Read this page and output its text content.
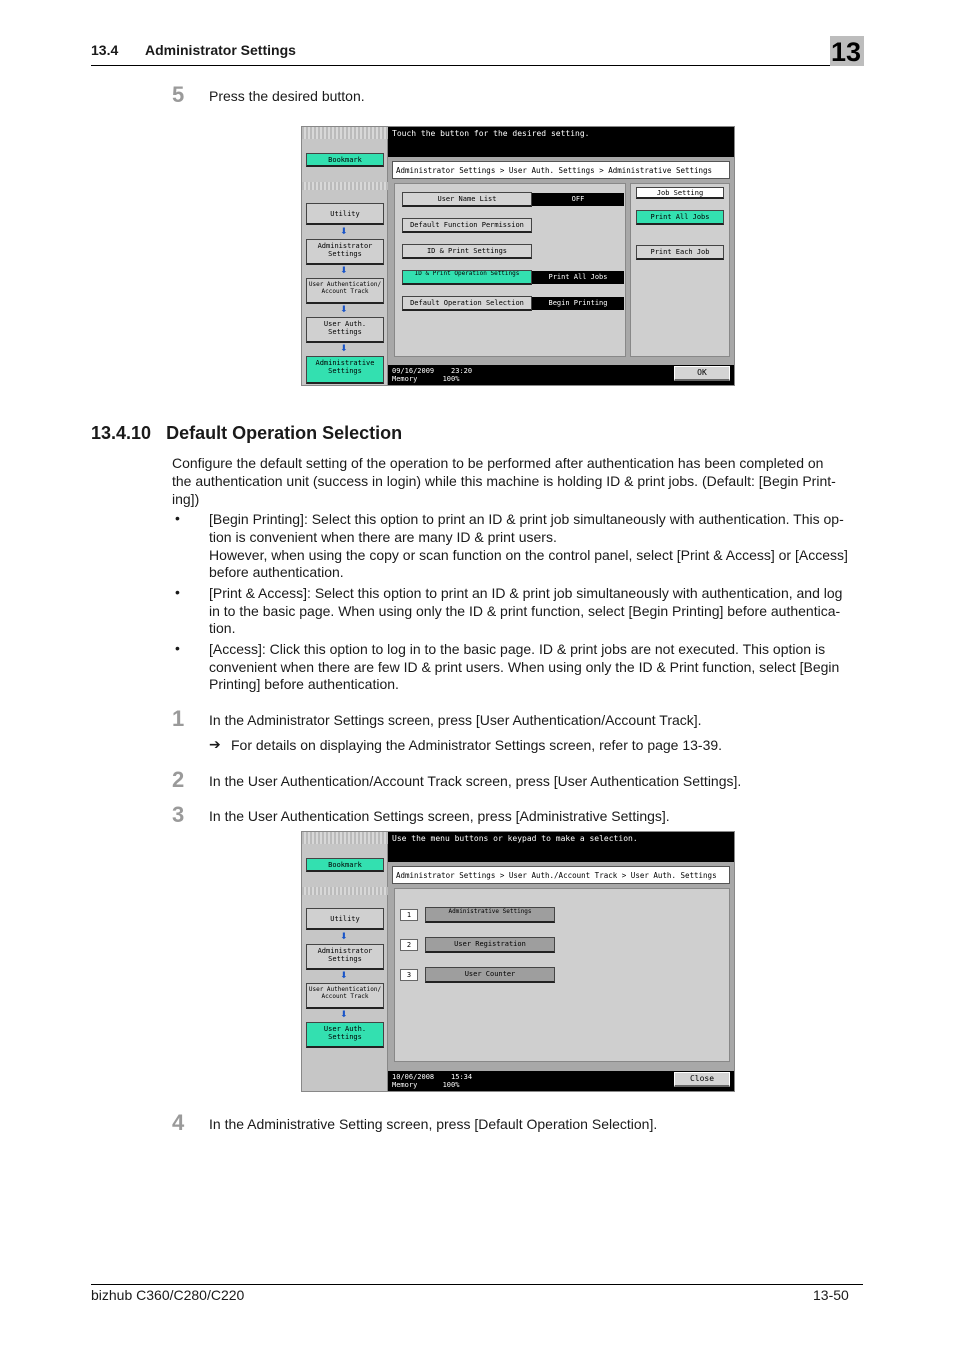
13.4 Administrator Settings	13
5 Press the desired button.
Bookmark
Utility
⬇
Administrator Settings
⬇
User Authentication/ Account Track
⬇
User Auth. Settings
⬇
Administrative Settings
Touch the button for the desired setting.
Administrator Settings > User Auth. Settings > Administrative Settings
User Name List	OFF
Default Function Permission
ID & Print Settings
ID & Print Operation Settings	Print All Jobs
Default Operation Selection	Begin Printing
Job Setting
Print All Jobs
Print Each Job
09/16/2009 23:20
Memory	100%
OK
13.4.10 Default Operation Selection
Configure the default setting of the operation to be performed after authentication has been completed on
the authentication unit (success in login) while this machine is holding ID & print jobs. (Default: [Begin Print-
ing])
• [Begin Printing]: Select this option to print an ID & print job simultaneously with authentication. This op-
tion is convenient when there are many ID & print users.
However, when using the copy or scan function on the control panel, select [Print & Access] or [Access]
before authentication.
• [Print & Access]: Select this option to print an ID & print job simultaneously with authentication, and log
in to the basic page. When using only the ID & print function, select [Begin Printing] before authentica-
tion.
• [Access]: Click this option to log in to the basic page. ID & print jobs are not executed. This option is
convenient when there are few ID & print users. When using only the ID & Print function, select [Begin
Printing] before authentication.
1 In the Administrator Settings screen, press [User Authentication/Account Track].
➔ For details on displaying the Administrator Settings screen, refer to page 13-39.
2 In the User Authentication/Account Track screen, press [User Authentication Settings].
3 In the User Authentication Settings screen, press [Administrative Settings].
Bookmark
Utility
⬇
Administrator Settings
⬇
User Authentication/ Account Track
⬇
User Auth. Settings
Use the menu buttons or keypad to make a selection.
Administrator Settings > User Auth./Account Track > User Auth. Settings
1	Administrative Settings
2	User Registration
3	User Counter
10/06/2008 15:34
Memory	100%
Close
4 In the Administrative Setting screen, press [Default Operation Selection].
bizhub C360/C280/C220	13-50
